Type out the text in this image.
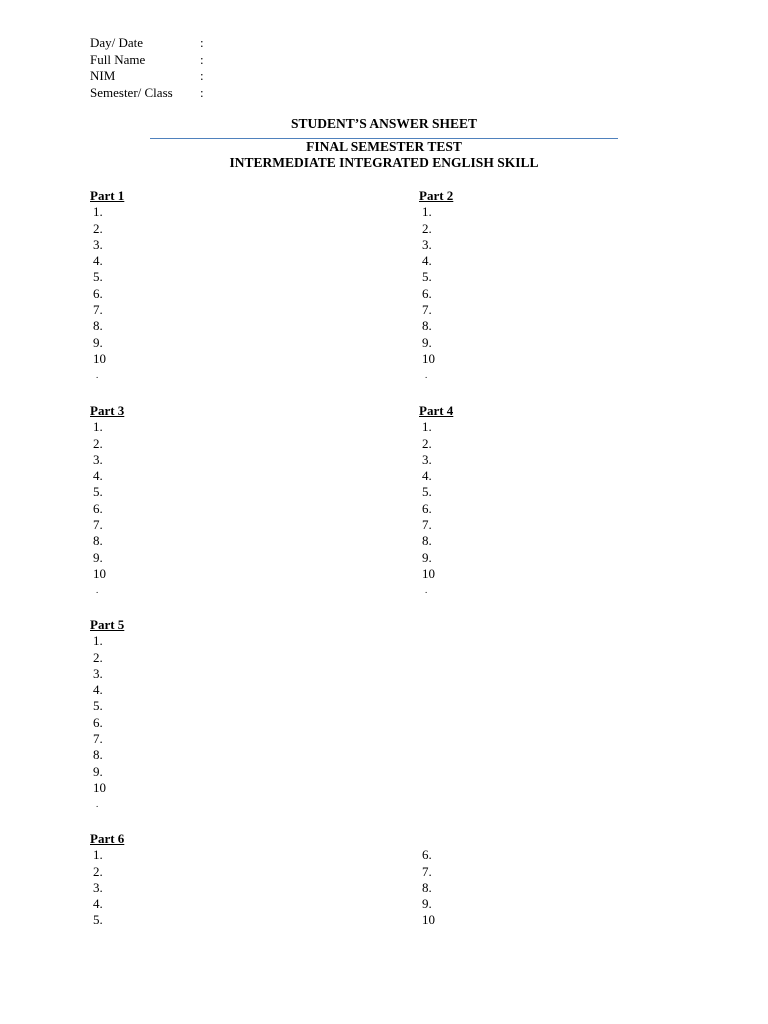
Day/ Date	:
Full Name	:
NIM	:
Semester/ Class :
STUDENT’S ANSWER SHEET
FINAL SEMESTER TEST
INTERMEDIATE INTEGRATED ENGLISH SKILL
Part 1
1.
2.
3.
4.
5.
6.
7.
8.
9.
10
.
Part 2
1.
2.
3.
4.
5.
6.
7.
8.
9.
10
.
Part 3
1.
2.
3.
4.
5.
6.
7.
8.
9.
10
.
Part 4
1.
2.
3.
4.
5.
6.
7.
8.
9.
10
.
Part 5
1.
2.
3.
4.
5.
6.
7.
8.
9.
10
.
Part 6
1.
2.
3.
4.
5.
6.
7.
8.
9.
10
